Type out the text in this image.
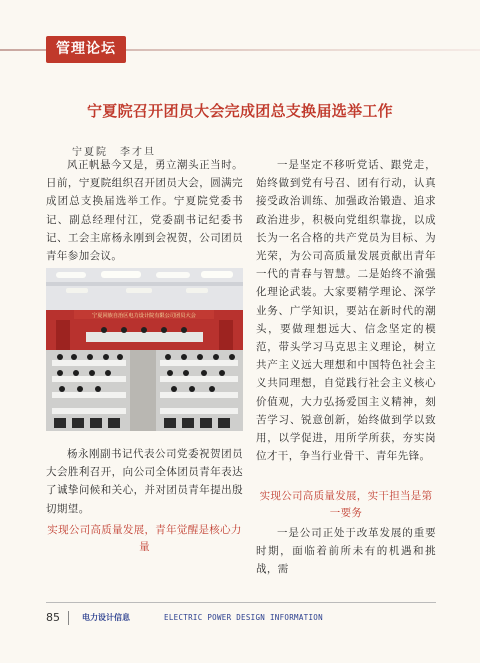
管理论坛
宁夏院召开团员大会完成团总支换届选举工作
宁夏院　李才旦

风正帆悬今又是，勇立潮头正当时。日前，宁夏院组织召开团员大会，圆满完成团总支换届选举工作。宁夏院党委书记、副总经理付江，党委副书记纪委书记、工会主席杨永刚到会祝贺，公司团员青年参加会议。

宁夏回族自治区电力设计院有限公司团员大会

杨永刚副书记代表公司党委祝贺团员大会胜利召开，向公司全体团员青年表达了诚挚问候和关心，并对团员青年提出殷切期望。

实现公司高质量发展，青年觉醒是核心力量

一是坚定不移听党话、跟党走，始终做到党有号召、团有行动，认真接受政治训练、加强政治锻造、追求政治进步，积极向党组织靠拢，以成长为一名合格的共产党员为目标、为光荣，为公司高质量发展贡献出青年一代的青春与智慧。二是始终不渝强化理论武装。大家要精学理论、深学业务、广学知识，要站在新时代的潮头，要做理想远大、信念坚定的模范，带头学习马克思主义理论，树立共产主义远大理想和中国特色社会主义共同理想，自觉践行社会主义核心价值观，大力弘扬爱国主义精神，刻苦学习、锐意创新，始终做到学以致用，以学促进，用所学所获，夯实岗位才干，争当行业骨干、青年先锋。

实现公司高质量发展，实干担当是第一要务

一是公司正处于改革发展的重要时期，面临着前所未有的机遇和挑战，需

85	电力设计信息	ELECTRIC POWER DESIGN INFORMATION
